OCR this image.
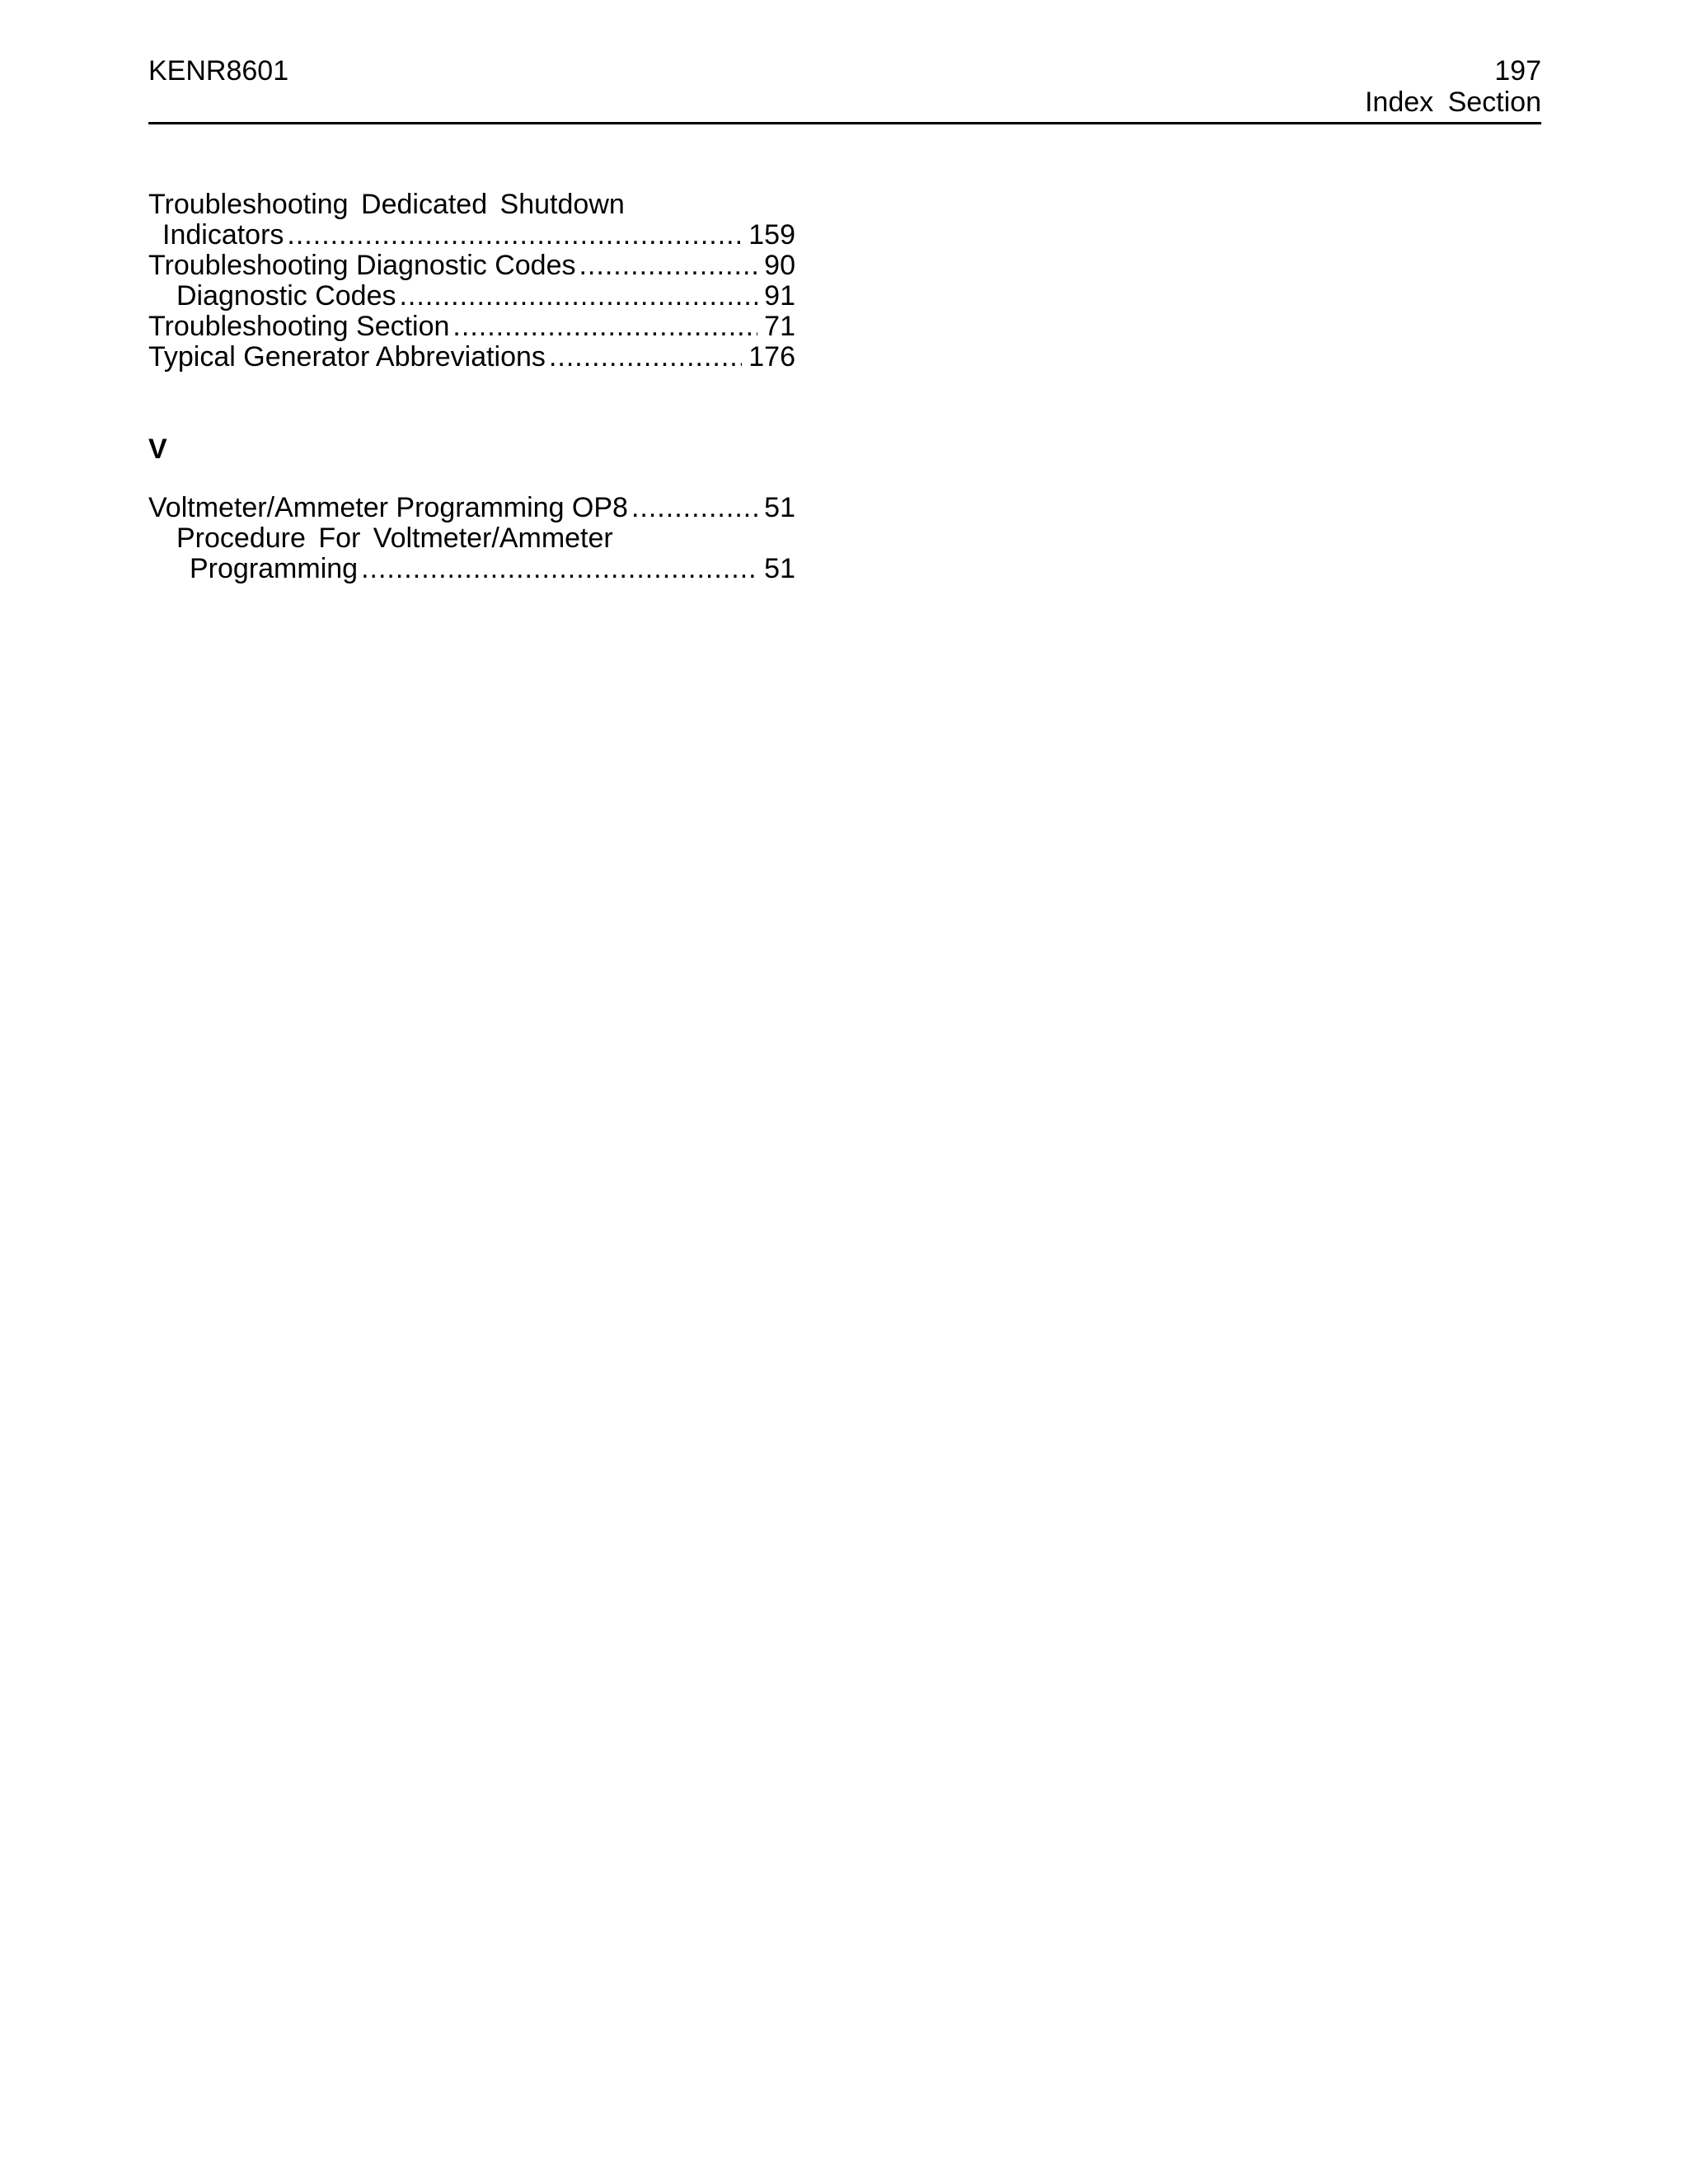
KENR8601	197
Index Section
Troubleshooting Dedicated Shutdown
Indicators .....	159
Troubleshooting Diagnostic Codes .....	90
Diagnostic Codes .....	91
Troubleshooting Section .....	71
Typical Generator Abbreviations .....	176
V
Voltmeter/Ammeter Programming OP8 .....	51
Procedure For Voltmeter/Ammeter
Programming .....	51
